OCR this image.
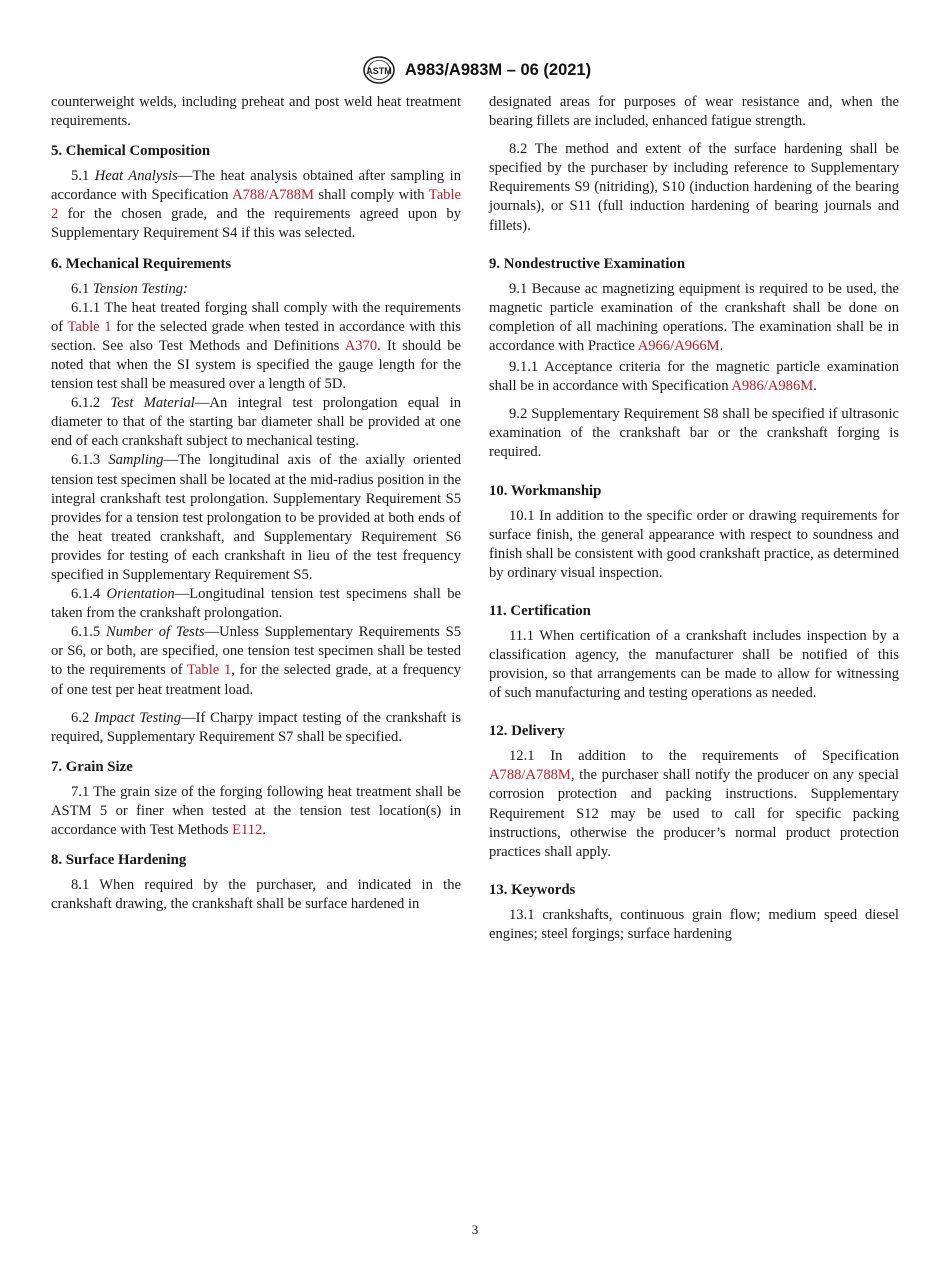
ASTM A983/A983M – 06 (2021)

counterweight welds, including preheat and post weld heat treatment requirements.

5. Chemical Composition

5.1 Heat Analysis—The heat analysis obtained after sampling in accordance with Specification A788/A788M shall comply with Table 2 for the chosen grade, and the requirements agreed upon by Supplementary Requirement S4 if this was selected.

6. Mechanical Requirements

6.1 Tension Testing:

6.1.1 The heat treated forging shall comply with the requirements of Table 1 for the selected grade when tested in accordance with this section. See also Test Methods and Definitions A370. It should be noted that when the SI system is specified the gauge length for the tension test shall be measured over a length of 5D.

6.1.2 Test Material—An integral test prolongation equal in diameter to that of the starting bar diameter shall be provided at one end of each crankshaft subject to mechanical testing.

6.1.3 Sampling—The longitudinal axis of the axially oriented tension test specimen shall be located at the mid-radius position in the integral crankshaft test prolongation. Supplementary Requirement S5 provides for a tension test prolongation to be provided at both ends of the heat treated crankshaft, and Supplementary Requirement S6 provides for testing of each crankshaft in lieu of the test frequency specified in Supplementary Requirement S5.

6.1.4 Orientation—Longitudinal tension test specimens shall be taken from the crankshaft prolongation.

6.1.5 Number of Tests—Unless Supplementary Requirements S5 or S6, or both, are specified, one tension test specimen shall be tested to the requirements of Table 1, for the selected grade, at a frequency of one test per heat treatment load.

6.2 Impact Testing—If Charpy impact testing of the crankshaft is required, Supplementary Requirement S7 shall be specified.

7. Grain Size

7.1 The grain size of the forging following heat treatment shall be ASTM 5 or finer when tested at the tension test location(s) in accordance with Test Methods E112.

8. Surface Hardening

8.1 When required by the purchaser, and indicated in the crankshaft drawing, the crankshaft shall be surface hardened in

designated areas for purposes of wear resistance and, when the bearing fillets are included, enhanced fatigue strength.

8.2 The method and extent of the surface hardening shall be specified by the purchaser by including reference to Supplementary Requirements S9 (nitriding), S10 (induction hardening of the bearing journals), or S11 (full induction hardening of bearing journals and fillets).

9. Nondestructive Examination

9.1 Because ac magnetizing equipment is required to be used, the magnetic particle examination of the crankshaft shall be done on completion of all machining operations. The examination shall be in accordance with Practice A966/A966M.

9.1.1 Acceptance criteria for the magnetic particle examination shall be in accordance with Specification A986/A986M.

9.2 Supplementary Requirement S8 shall be specified if ultrasonic examination of the crankshaft bar or the crankshaft forging is required.

10. Workmanship

10.1 In addition to the specific order or drawing requirements for surface finish, the general appearance with respect to soundness and finish shall be consistent with good crankshaft practice, as determined by ordinary visual inspection.

11. Certification

11.1 When certification of a crankshaft includes inspection by a classification agency, the manufacturer shall be notified of this provision, so that arrangements can be made to allow for witnessing of such manufacturing and testing operations as needed.

12. Delivery

12.1 In addition to the requirements of Specification A788/A788M, the purchaser shall notify the producer on any special corrosion protection and packing instructions. Supplementary Requirement S12 may be used to call for specific packing instructions, otherwise the producer’s normal product protection practices shall apply.

13. Keywords

13.1 crankshafts, continuous grain flow; medium speed diesel engines; steel forgings; surface hardening

3
